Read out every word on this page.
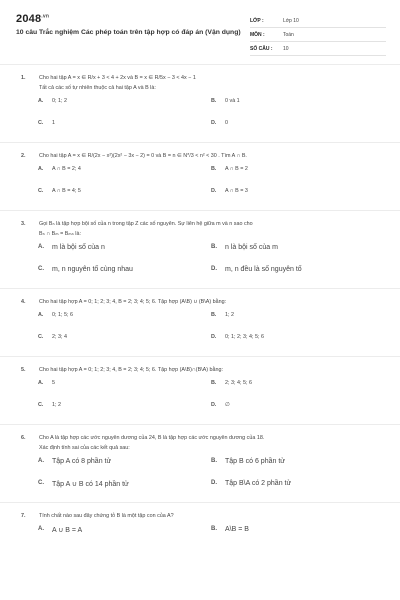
$2048^{.vn}$
10 câu Trắc nghiệm Các phép toán trên tập hợp có đáp án (Vận dụng)
LỚP :	Lớp 10
MÔN :	Toán
SỐ CÂU :	10
1.	Cho hai tập A = x ∈ R/x + 3 < 4 + 2x và B = x ∈ R/5x − 3 < 4x − 1
Tất cả các số tự nhiên thuộc cả hai tập A và B là:
A.	0; 1; 2	B.	0 và 1
C.	1	D.	0
2.	Cho hai tập A = x ∈ R/(2x − x²)(2x² − 3x − 2) = 0 và B = n ∈ N*/3 < n² < 30 . Tìm A ∩ B.
A.	A ∩ B = 2; 4	B.	A ∩ B = 2
C.	A ∩ B = 4; 5	D.	A ∩ B = 3
3.	Gọi Bₙ là tập hợp bội số của n trong tập Z các số nguyên. Sự liên hệ giữa m và n sao cho
Bₙ ∩ Bₘ = Bₘₙ là:
A.	m là bội số của n	B.	n là bội số của m
C.	m, n nguyên tố cùng nhau	D.	m, n đều là số nguyên tố
4.	Cho hai tập hợp A = 0; 1; 2; 3; 4, B = 2; 3; 4; 5; 6. Tập hợp (A\B) ∪ (B\A) bằng:
A.	0; 1; 5; 6	B.	1; 2
C.	2; 3; 4	D.	0; 1; 2; 3; 4; 5; 6
5.	Cho hai tập hợp A = 0; 1; 2; 3; 4, B = 2; 3; 4; 5; 6. Tập hợp (A\B)∩(B\A) bằng:
A.	5	B.	2; 3; 4; 5; 6
C.	1; 2	D.	∅
6.	Cho A là tập hợp các ước nguyên dương của 24, B là tập hợp các ước nguyên dương của 18.
Xác định tính sai của các kết quả sau:
A.	Tập A có 8 phần tử	B.	Tập B có 6 phần tử
C.	Tập A ∪ B có 14 phần tử	D.	Tập B\A có 2 phần tử
7.	Tính chất nào sau đây chứng tỏ B là một tập con của A?
A.	A ∪ B = A	B.	A\B = B
